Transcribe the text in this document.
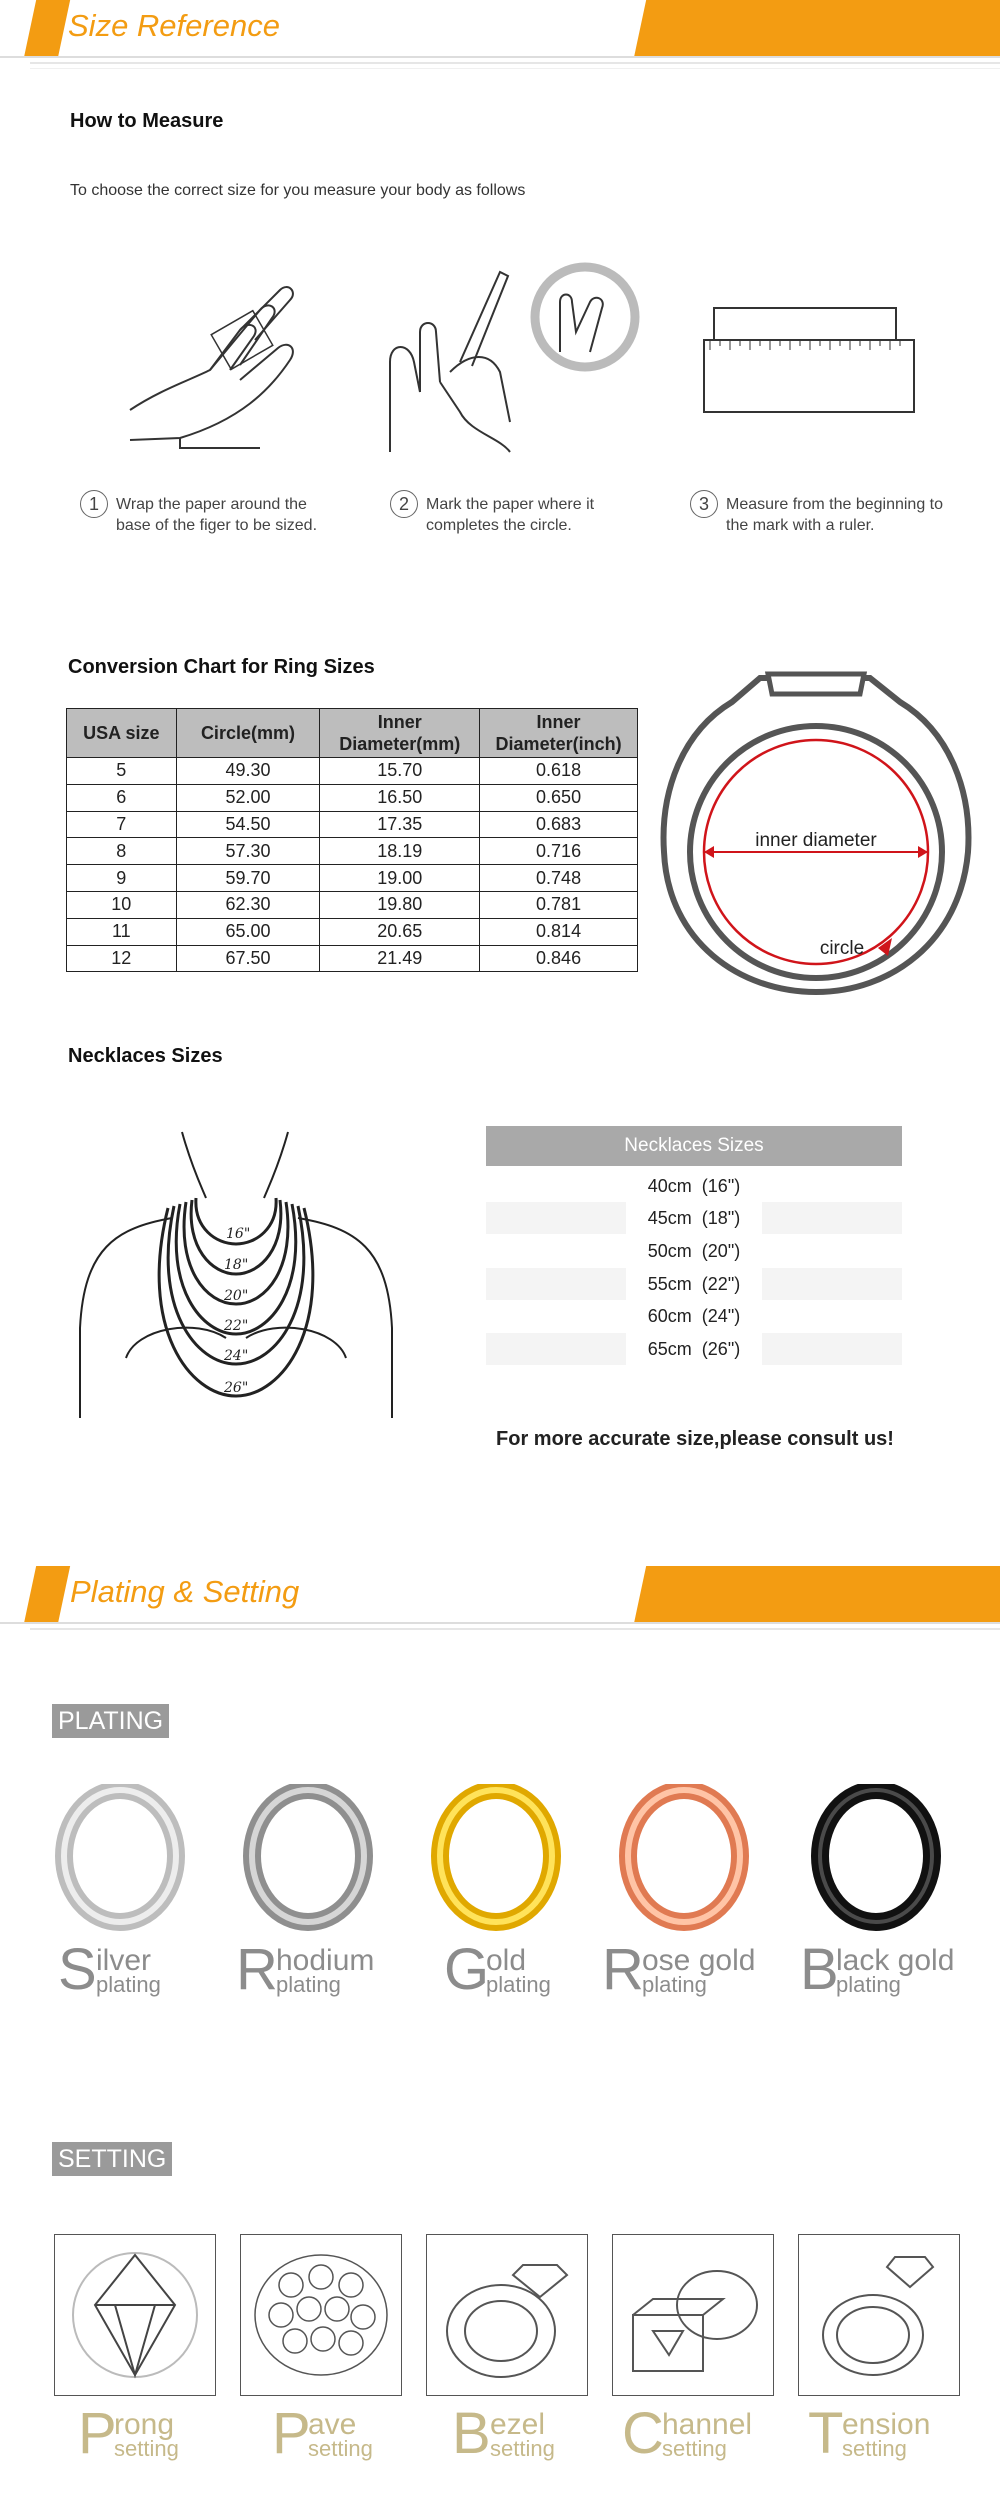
Size Reference
How to Measure
To choose the correct size for you measure your body as follows
1	Wrap the paper around the
base of the figer to be sized.
2	Mark the paper where it
completes the circle.
3	Measure from the beginning to
the mark with a ruler.
Conversion Chart for Ring Sizes
USA size	Circle(mm)	Inner Diameter(mm)	Inner Diameter(inch)
5	49.30	15.70	0.618
6	52.00	16.50	0.650
7	54.50	17.35	0.683
8	57.30	18.19	0.716
9	59.70	19.00	0.748
10	62.30	19.80	0.781
11	65.00	20.65	0.814
12	67.50	21.49	0.846
inner diameter
circle
Necklaces Sizes
16"
18"
20"
22"
24"
26"
Necklaces Sizes
40cm  (16")
45cm  (18")
50cm  (20")
55cm  (22")
60cm  (24")
65cm  (26")
For more accurate size,please consult us!
Plating & Setting
PLATING
S ilver
plating R
hodium
plating G
old
plating R
ose gold
plating B
lack gold
plating
SETTING
P
rong
setting P
ave
setting B ezel
setting C
hannel
setting T
ension
setting
